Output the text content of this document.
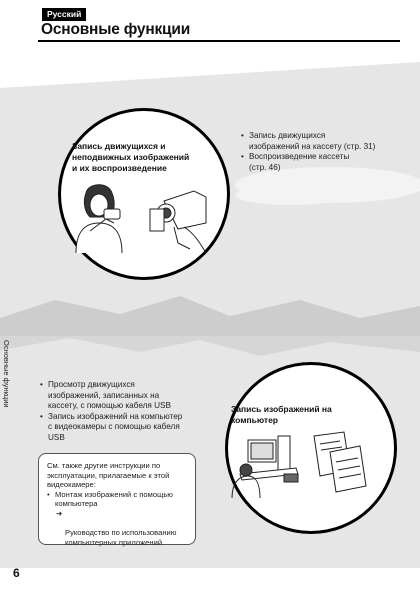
Русский
Основные функции
Основные функции
Запись движущихся и
неподвижных изображений
и их воспроизведение
• Запись движущихся
изображений на кассету (стр. 31)
• Воспроизведение кассеты
(стр. 46)
• Просмотр движущихся
изображений, записанных на
кассету, с помощью кабеля USB
• Запись изображений на компьютер
с видеокамеры с помощью кабеля
USB
Запись изображений на
компьютер
См. также другие инструкции по
эксплуатации, прилагаемые к этой
видеокамере:
• Монтаж изображений с помощью
компьютера

➔

Руководство по использованию
компьютерных приложений

6
